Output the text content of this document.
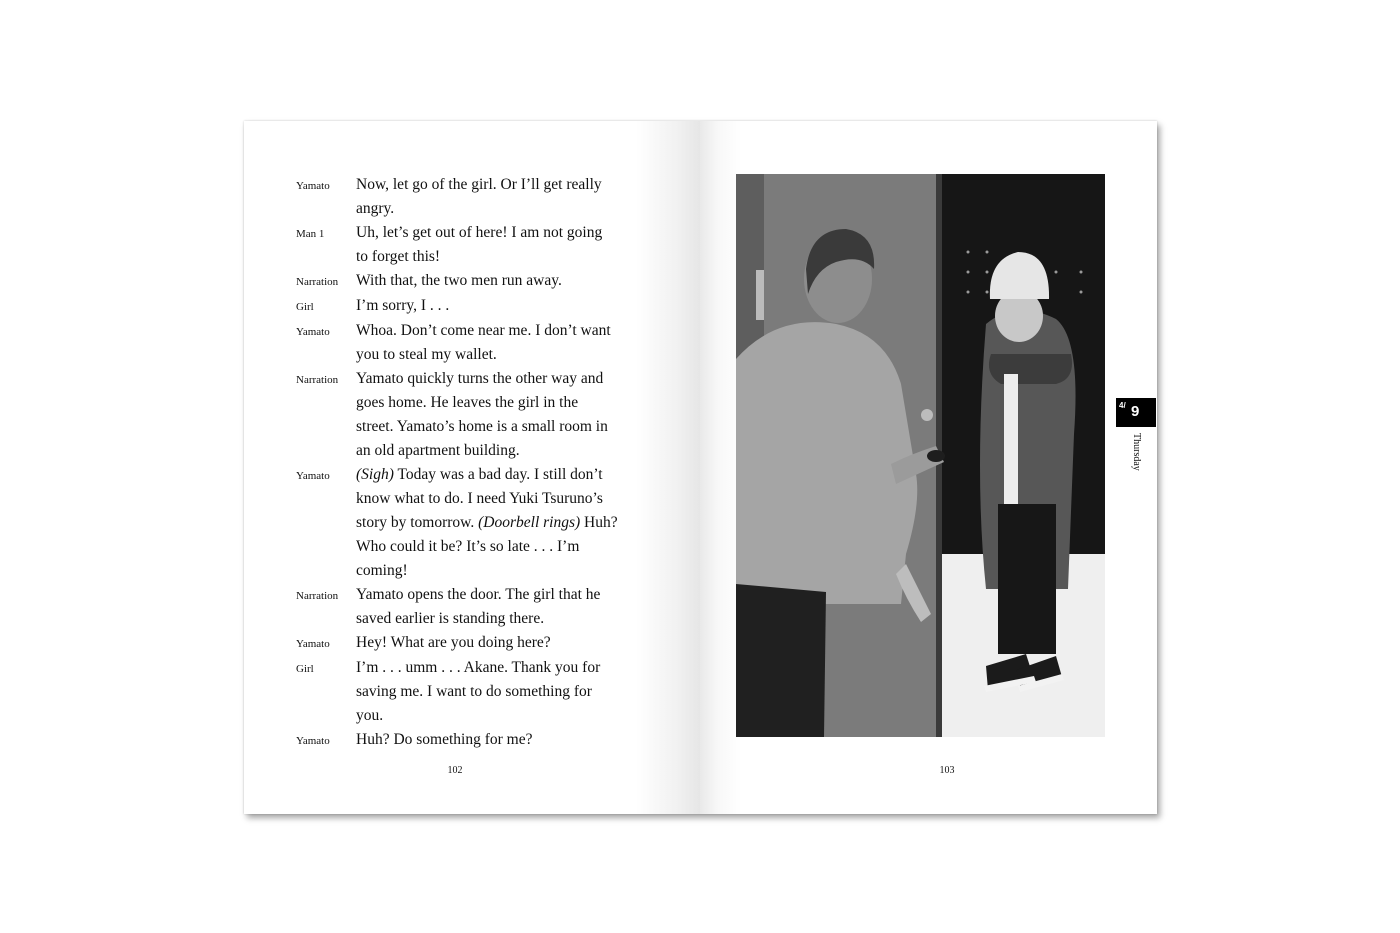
Yamato	Now, let go of the girl. Or I’ll get really angry.
Man 1	Uh, let’s get out of here! I am not going to forget this!
Narration	With that, the two men run away.
Girl	I’m sorry, I . . .
Yamato	Whoa. Don’t come near me. I don’t want you to steal my wallet.
Narration	Yamato quickly turns the other way and goes home. He leaves the girl in the street. Yamato’s home is a small room in an old apartment building.
Yamato	(Sigh) Today was a bad day. I still don’t know what to do. I need Yuki Tsuruno’s story by tomorrow. (Doorbell rings) Huh? Who could it be? It’s so late . . . I’m coming!
Narration	Yamato opens the door. The girl that he saved earlier is standing there.
Yamato	Hey! What are you doing here?
Girl	I’m . . . umm . . . Akane. Thank you for saving me. I want to do something for you.
Yamato	Huh? Do something for me?
102
4/ 9
Thursday
103
